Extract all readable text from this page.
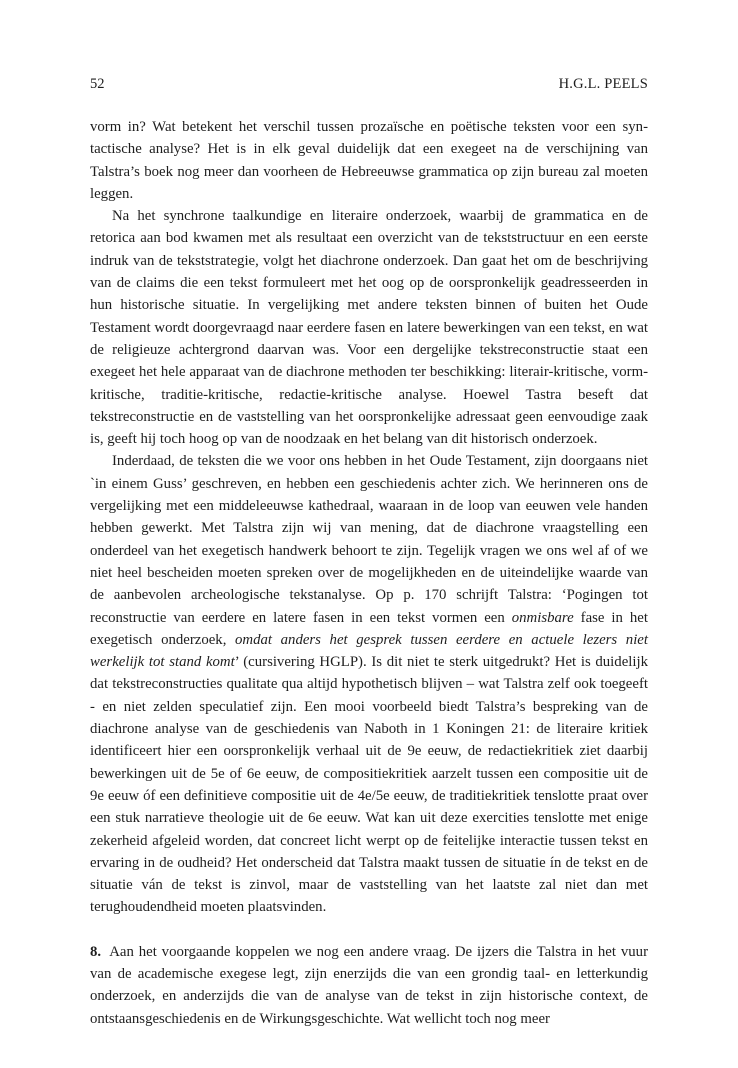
52	H.G.L. PEELS

vorm in? Wat betekent het verschil tussen prozaïsche en poëtische teksten voor een syntactische analyse? Het is in elk geval duidelijk dat een exegeet na de verschijning van Talstra’s boek nog meer dan voorheen de Hebreeuwse grammatica op zijn bureau zal moeten leggen.

Na het synchrone taalkundige en literaire onderzoek, waarbij de grammatica en de retorica aan bod kwamen met als resultaat een overzicht van de tekststructuur en een eerste indruk van de tekststrategie, volgt het diachrone onderzoek. Dan gaat het om de beschrijving van de claims die een tekst formuleert met het oog op de oorspronkelijk geadresseerden in hun historische situatie. In vergelijking met andere teksten binnen of buiten het Oude Testament wordt doorgevraagd naar eerdere fasen en latere bewerkingen van een tekst, en wat de religieuze achtergrond daarvan was. Voor een dergelijke tekstreconstructie staat een exegeet het hele apparaat van de diachrone methoden ter beschikking: literair-kritische, vorm-kritische, traditie-kritische, redactie-kritische analyse. Hoewel Tastra beseft dat tekstreconstructie en de vaststelling van het oorspronkelijke adressaat geen eenvoudige zaak is, geeft hij toch hoog op van de noodzaak en het belang van dit historisch onderzoek.

Inderdaad, de teksten die we voor ons hebben in het Oude Testament, zijn doorgaans niet `in einem Guss’ geschreven, en hebben een geschiedenis achter zich. We herinneren ons de vergelijking met een middeleeuwse kathedraal, waaraan in de loop van eeuwen vele handen hebben gewerkt. Met Talstra zijn wij van mening, dat de diachrone vraagstelling een onderdeel van het exegetisch handwerk behoort te zijn. Tegelijk vragen we ons wel af of we niet heel bescheiden moeten spreken over de mogelijkheden en de uiteindelijke waarde van de aanbevolen archeologische tekstanalyse. Op p. 170 schrijft Talstra: ‘Pogingen tot reconstructie van eerdere en latere fasen in een tekst vormen een onmisbare fase in het exegetisch onderzoek, omdat anders het gesprek tussen eerdere en actuele lezers niet werkelijk tot stand komt’ (cursivering HGLP). Is dit niet te sterk uitgedrukt? Het is duidelijk dat tekstreconstructies qualitate qua altijd hypothetisch blijven – wat Talstra zelf ook toegeeft - en niet zelden speculatief zijn. Een mooi voorbeeld biedt Talstra’s bespreking van de diachrone analyse van de geschiedenis van Naboth in 1 Koningen 21: de literaire kritiek identificeert hier een oorspronkelijk verhaal uit de 9e eeuw, de redactiekritiek ziet daarbij bewerkingen uit de 5e of 6e eeuw, de compositiekritiek aarzelt tussen een compositie uit de 9e eeuw óf een definitieve compositie uit de 4e/5e eeuw, de traditiekritiek tenslotte praat over een stuk narratieve theologie uit de 6e eeuw. Wat kan uit deze exercities tenslotte met enige zekerheid afgeleid worden, dat concreet licht werpt op de feitelijke interactie tussen tekst en ervaring in de oudheid? Het onderscheid dat Talstra maakt tussen de situatie ín de tekst en de situatie ván de tekst is zinvol, maar de vaststelling van het laatste zal niet dan met terughoudendheid moeten plaatsvinden.

8. Aan het voorgaande koppelen we nog een andere vraag. De ijzers die Talstra in het vuur van de academische exegese legt, zijn enerzijds die van een grondig taal- en letterkundig onderzoek, en anderzijds die van de analyse van de tekst in zijn historische context, de ontstaansgeschiedenis en de Wirkungsgeschichte. Wat wellicht toch nog meer
